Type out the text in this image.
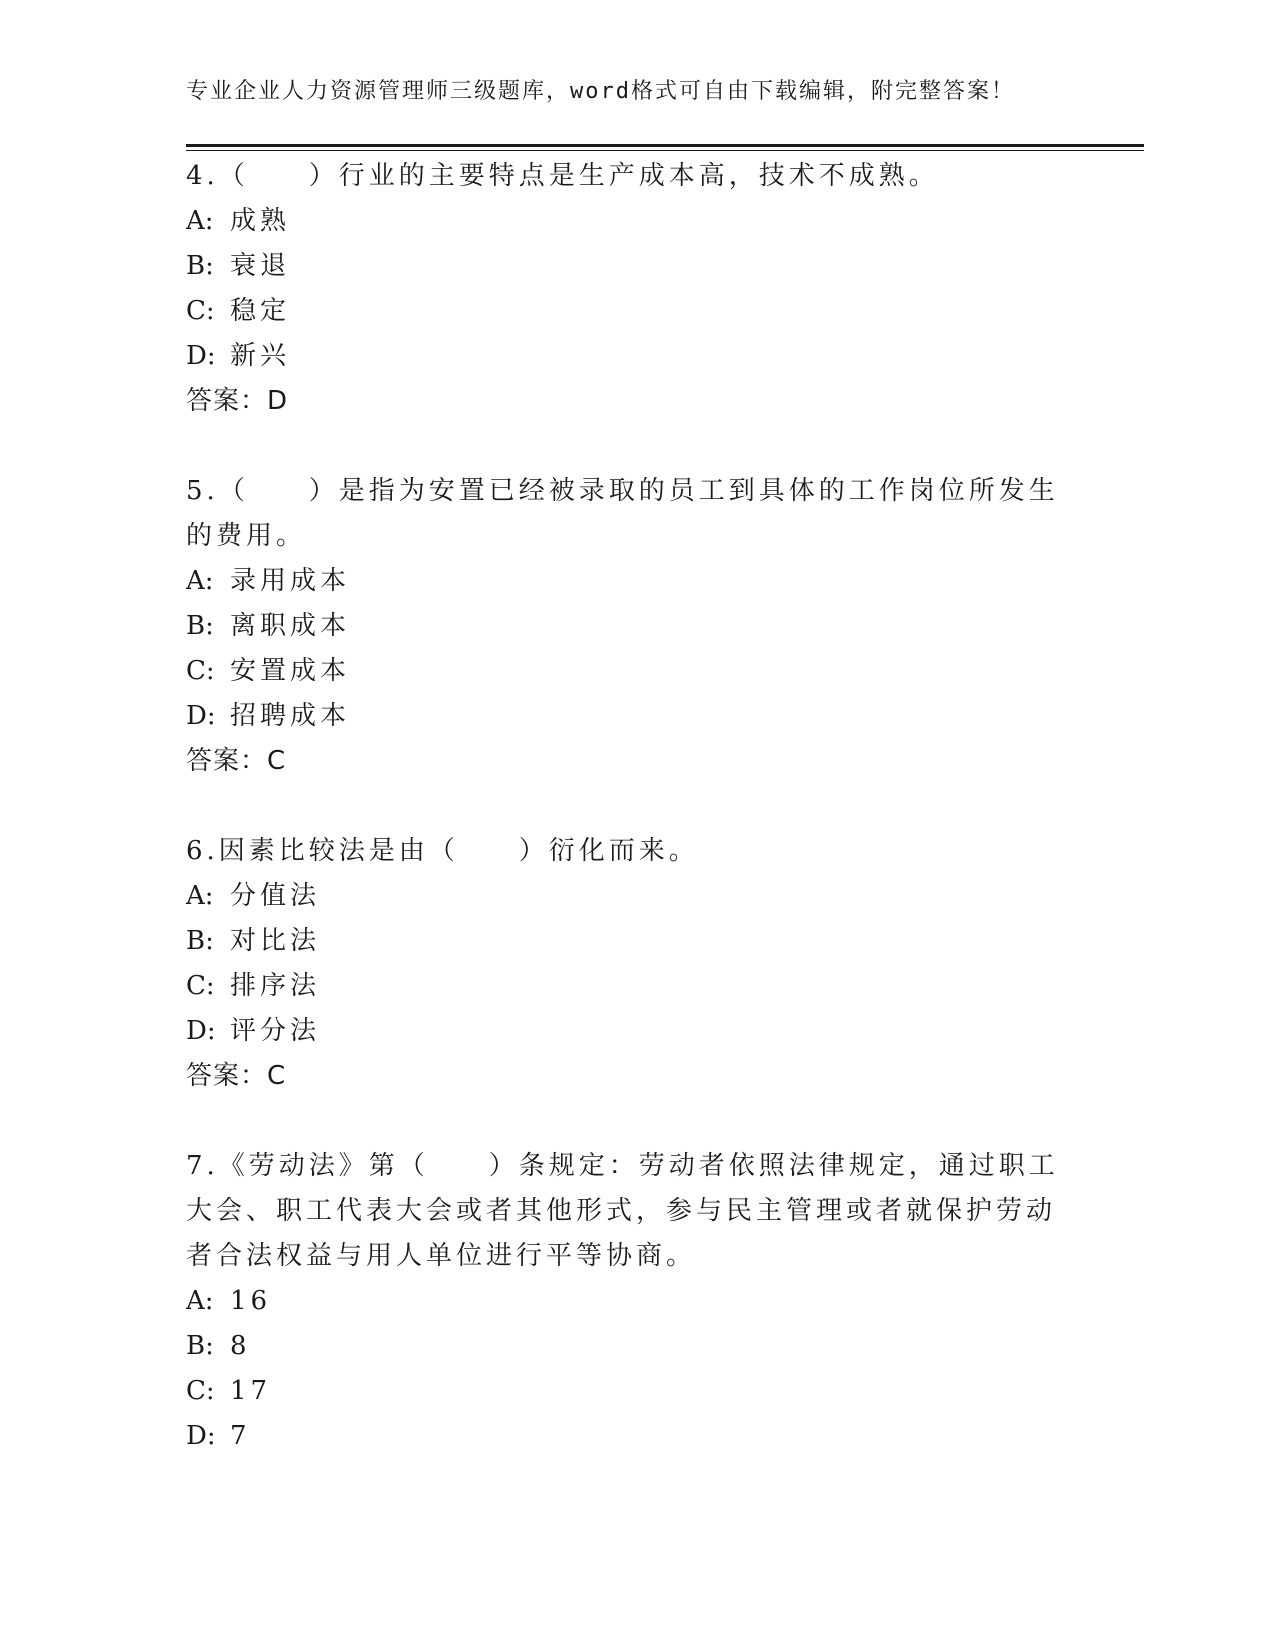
专业企业人力资源管理师三级题库，word格式可自由下载编辑，附完整答案！

4.（　　）行业的主要特点是生产成本高，技术不成熟。

A: 成熟

B: 衰退

C: 稳定

D: 新兴

答案：D

5.（　　）是指为安置已经被录取的员工到具体的工作岗位所发生的费用。

A: 录用成本

B: 离职成本

C: 安置成本

D: 招聘成本

答案：C

6.因素比较法是由（　　）衍化而来。

A: 分值法

B: 对比法

C: 排序法

D: 评分法

答案：C

7.《劳动法》第（　　）条规定：劳动者依照法律规定，通过职工大会、职工代表大会或者其他形式，参与民主管理或者就保护劳动者合法权益与用人单位进行平等协商。

A: 16

B: 8

C: 17

D: 7
